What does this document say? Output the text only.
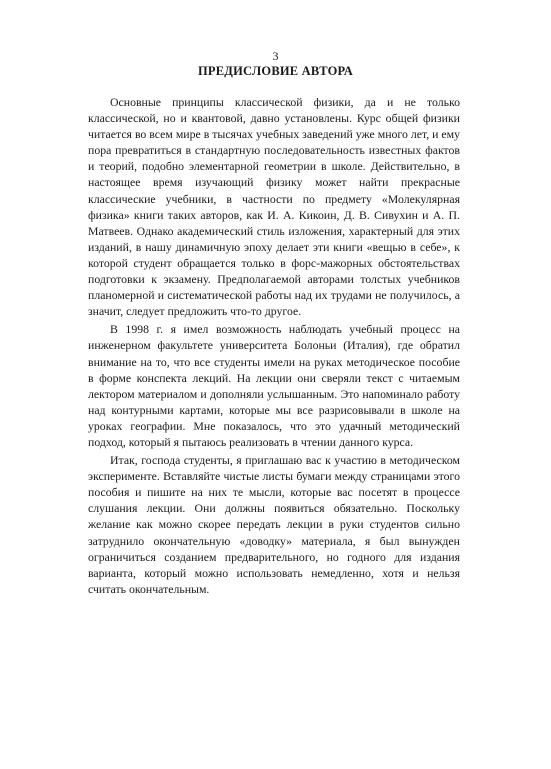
3
ПРЕДИСЛОВИЕ АВТОРА

Основные принципы классической физики, да и не только классической, но и квантовой, давно установлены. Курс общей физики читается во всем мире в тысячах учебных заведений уже много лет, и ему пора превратиться в стандартную последовательность известных фактов и теорий, подобно элементарной геометрии в школе. Действительно, в настоящее время изучающий физику может найти прекрасные классические учебники, в частности по предмету «Молекулярная физика» книги таких авторов, как И. А. Кикоин, Д. В. Сивухин и А. П. Матвеев. Однако академический стиль изложения, характерный для этих изданий, в нашу динамичную эпоху делает эти книги «вещью в себе», к которой студент обращается только в форс-мажорных обстоятельствах подготовки к экзамену. Предполагаемой авторами толстых учебников планомерной и систематической работы над их трудами не получилось, а значит, следует предложить что-то другое.

В 1998 г. я имел возможность наблюдать учебный процесс на инженерном факультете университета Болоньи (Италия), где обратил внимание на то, что все студенты имели на руках методическое пособие в форме конспекта лекций. На лекции они сверяли текст с читаемым лектором материалом и дополняли услышанным. Это напоминало работу над контурными картами, которые мы все разрисовывали в школе на уроках географии. Мне показалось, что это удачный методический подход, который я пытаюсь реализовать в чтении данного курса.

Итак, господа студенты, я приглашаю вас к участию в методическом эксперименте. Вставляйте чистые листы бумаги между страницами этого пособия и пишите на них те мысли, которые вас посетят в процессе слушания лекции. Они должны появиться обязательно. Поскольку желание как можно скорее передать лекции в руки студентов сильно затруднило окончательную «доводку» материала, я был вынужден ограничиться созданием предварительного, но годного для издания варианта, который можно использовать немедленно, хотя и нельзя считать окончательным.
